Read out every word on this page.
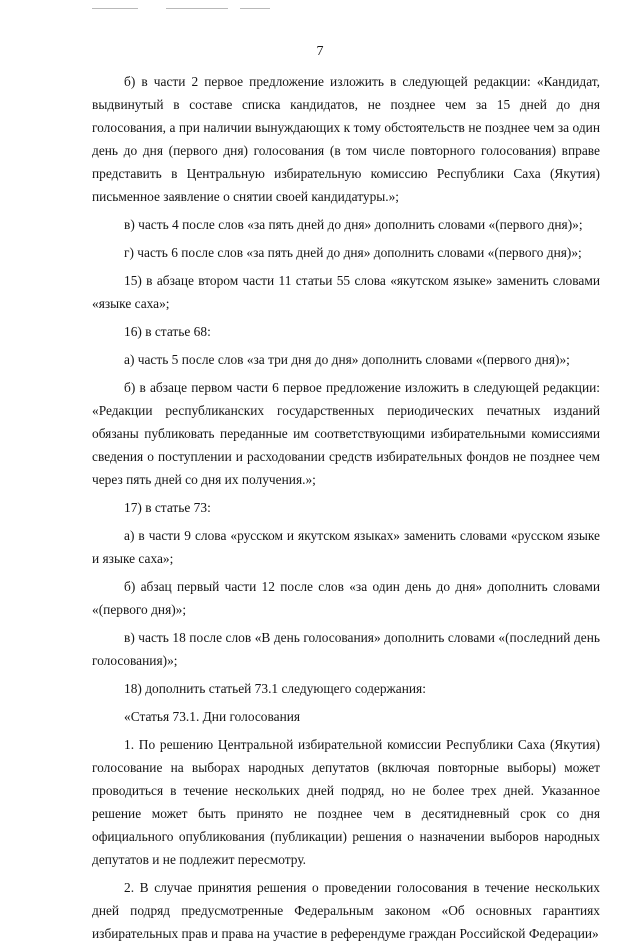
7

б) в части 2 первое предложение изложить в следующей редакции: «Кандидат, выдвинутый в составе списка кандидатов, не позднее чем за 15 дней до дня голосования, а при наличии вынуждающих к тому обстоятельств не позднее чем за один день до дня (первого дня) голосования (в том числе повторного голосования) вправе представить в Центральную избирательную комиссию Республики Саха (Якутия) письменное заявление о снятии своей кандидатуры.»;

в) часть 4 после слов «за пять дней до дня» дополнить словами «(первого дня)»;

г) часть 6 после слов «за пять дней до дня» дополнить словами «(первого дня)»;

15) в абзаце втором части 11 статьи 55 слова «якутском языке» заменить словами «языке саха»;

16) в статье 68:

а) часть 5 после слов «за три дня до дня» дополнить словами «(первого дня)»;

б) в абзаце первом части 6 первое предложение изложить в следующей редакции: «Редакции республиканских государственных периодических печатных изданий обязаны публиковать переданные им соответствующими избирательными комиссиями сведения о поступлении и расходовании средств избирательных фондов не позднее чем через пять дней со дня их получения.»;

17) в статье 73:

а) в части 9 слова «русском и якутском языках» заменить словами «русском языке и языке саха»;

б) абзац первый части 12 после слов «за один день до дня» дополнить словами «(первого дня)»;

в) часть 18 после слов «В день голосования» дополнить словами «(последний день голосования)»;

18) дополнить статьей 73.1 следующего содержания:

«Статья 73.1. Дни голосования

1. По решению Центральной избирательной комиссии Республики Саха (Якутия) голосование на выборах народных депутатов (включая повторные выборы) может проводиться в течение нескольких дней подряд, но не более трех дней. Указанное решение может быть принято не позднее чем в десятидневный срок со дня официального опубликования (публикации) решения о назначении выборов народных депутатов и не подлежит пересмотру.

2. В случае принятия решения о проведении голосования в течение нескольких дней подряд предусмотренные Федеральным законом «Об основных гарантиях избирательных прав и права на участие в референдуме граждан Российской Федерации»
